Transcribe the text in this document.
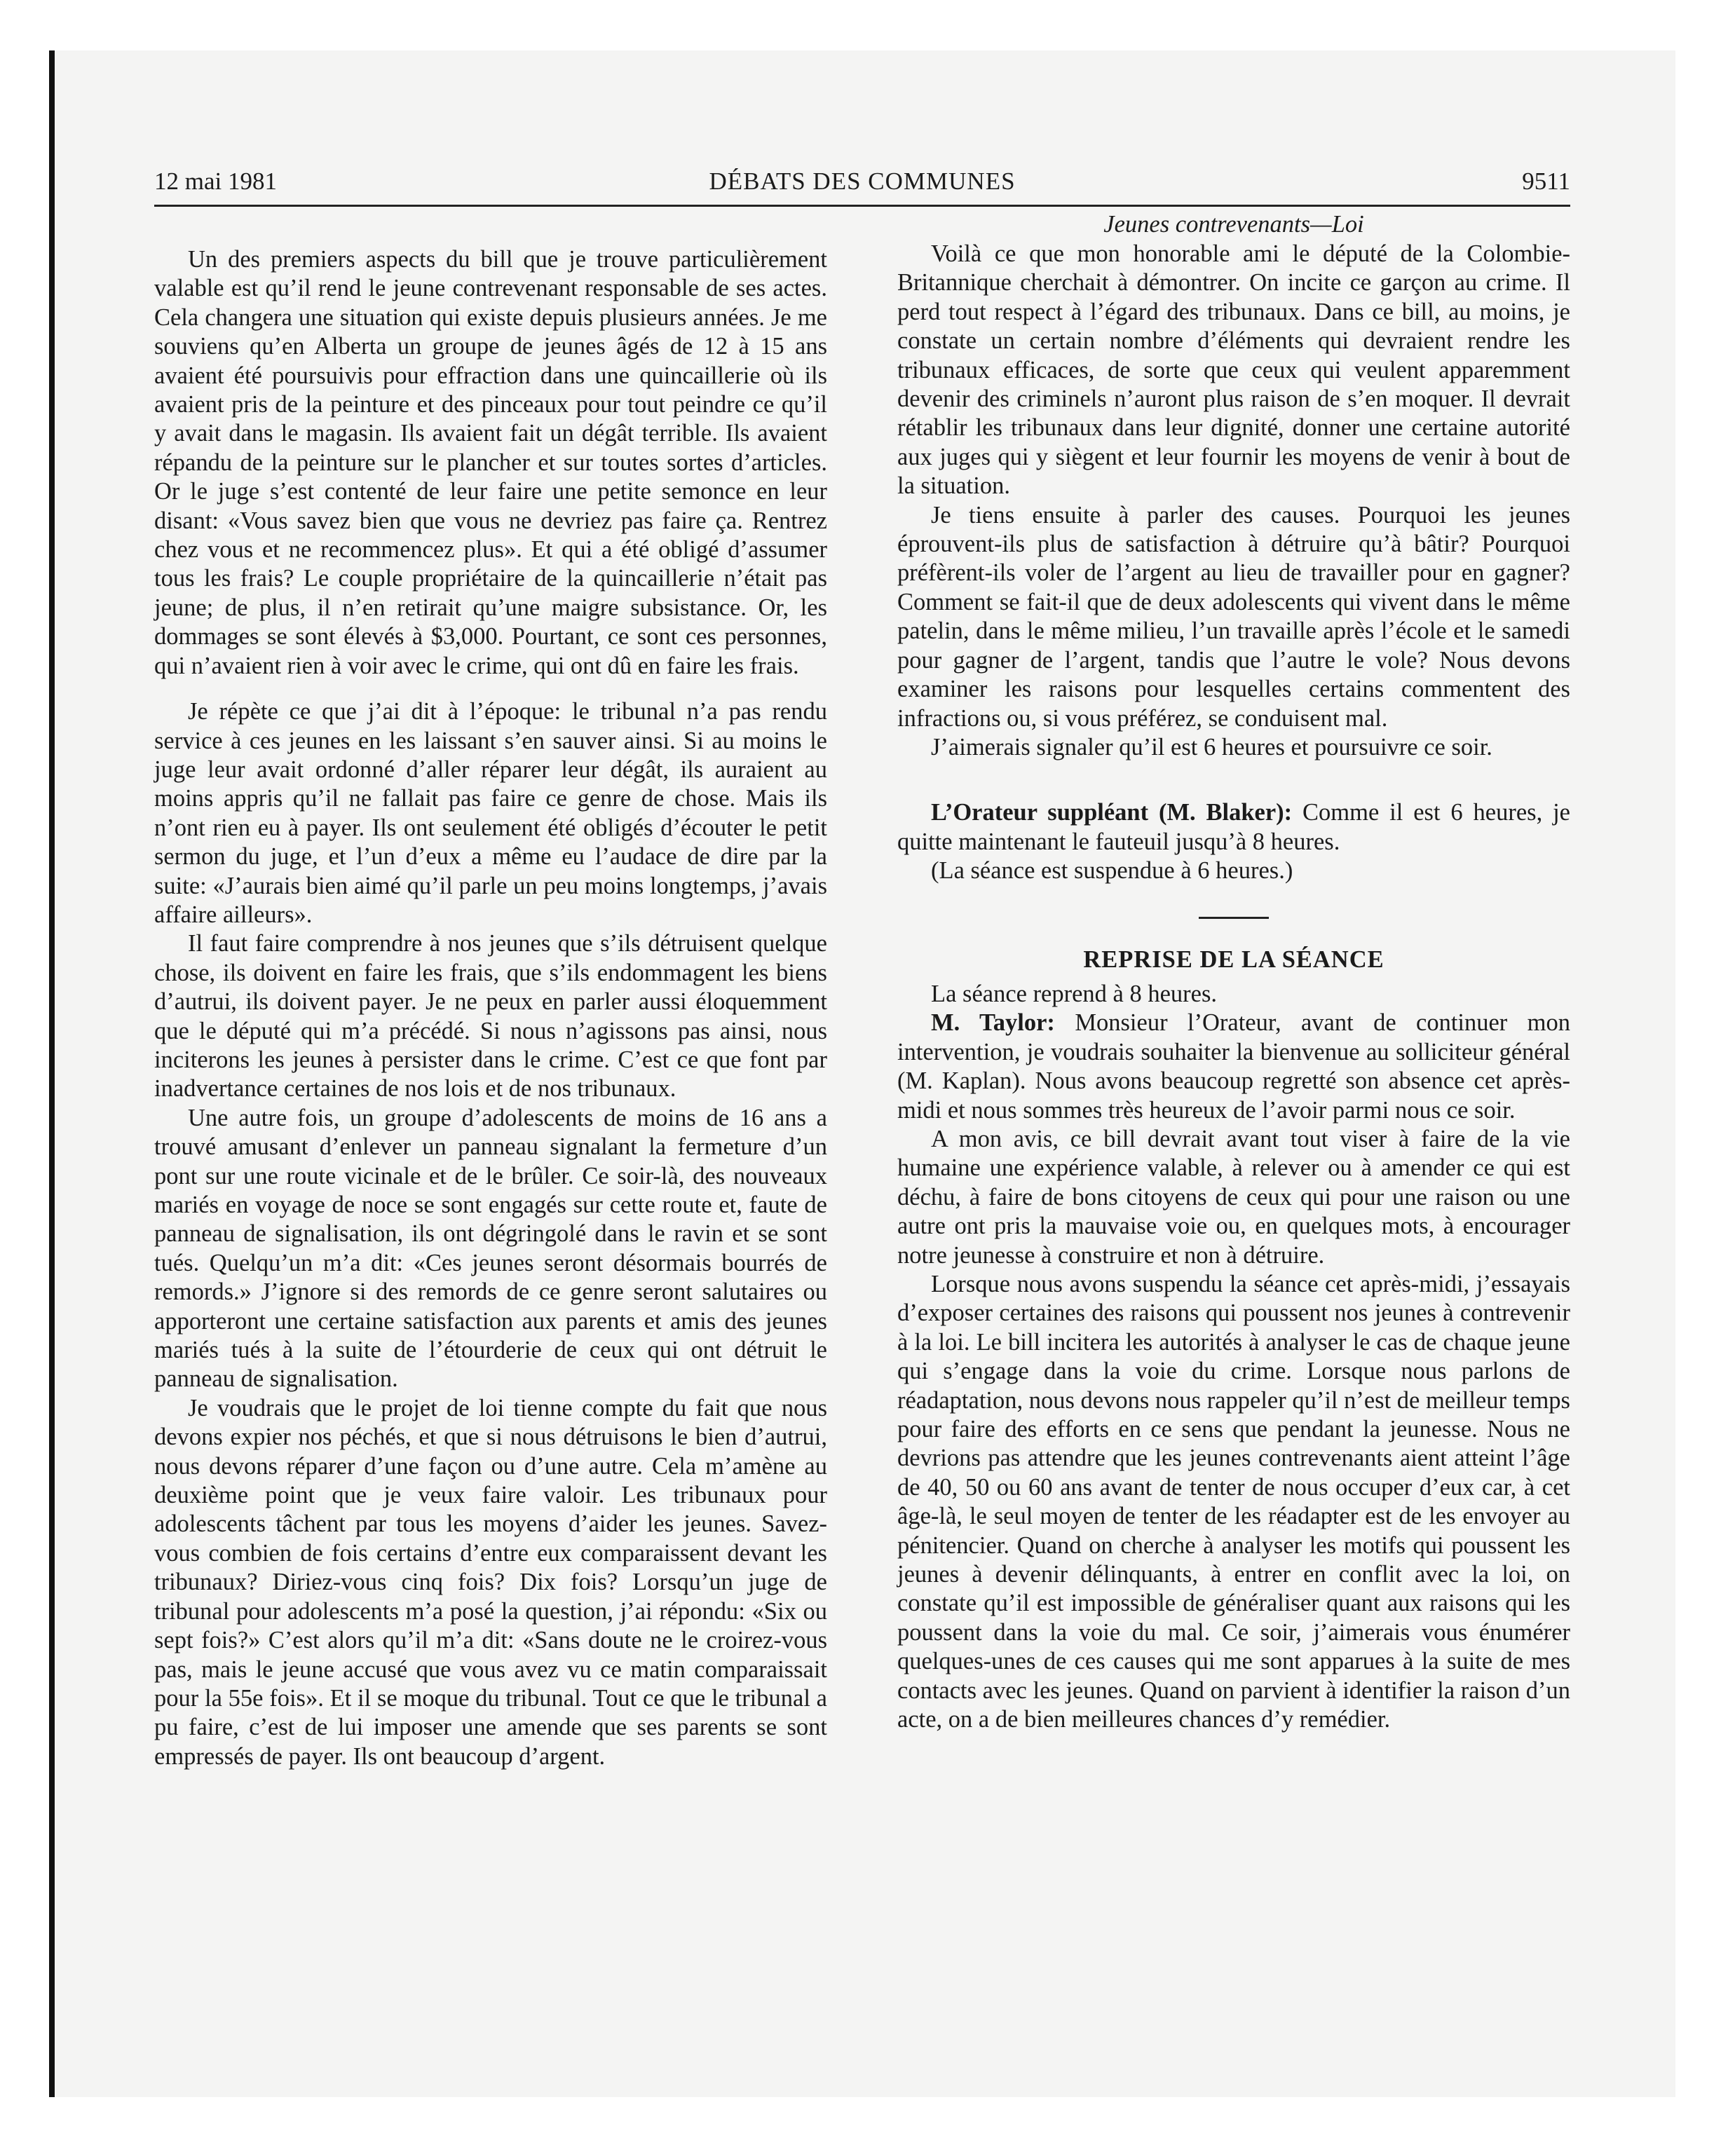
12 mai 1981	DÉBATS DES COMMUNES	9511

Un des premiers aspects du bill que je trouve particulièrement valable est qu’il rend le jeune contrevenant responsable de ses actes. Cela changera une situation qui existe depuis plusieurs années. Je me souviens qu’en Alberta un groupe de jeunes âgés de 12 à 15 ans avaient été poursuivis pour effraction dans une quincaillerie où ils avaient pris de la peinture et des pinceaux pour tout peindre ce qu’il y avait dans le magasin. Ils avaient fait un dégât terrible. Ils avaient répandu de la peinture sur le plancher et sur toutes sortes d’articles. Or le juge s’est contenté de leur faire une petite semonce en leur disant: «Vous savez bien que vous ne devriez pas faire ça. Rentrez chez vous et ne recommencez plus». Et qui a été obligé d’assumer tous les frais? Le couple propriétaire de la quincaillerie n’était pas jeune; de plus, il n’en retirait qu’une maigre subsistance. Or, les dommages se sont élevés à $3,000. Pourtant, ce sont ces personnes, qui n’avaient rien à voir avec le crime, qui ont dû en faire les frais.

Je répète ce que j’ai dit à l’époque: le tribunal n’a pas rendu service à ces jeunes en les laissant s’en sauver ainsi. Si au moins le juge leur avait ordonné d’aller réparer leur dégât, ils auraient au moins appris qu’il ne fallait pas faire ce genre de chose. Mais ils n’ont rien eu à payer. Ils ont seulement été obligés d’écouter le petit sermon du juge, et l’un d’eux a même eu l’audace de dire par la suite: «J’aurais bien aimé qu’il parle un peu moins longtemps, j’avais affaire ailleurs».

Il faut faire comprendre à nos jeunes que s’ils détruisent quelque chose, ils doivent en faire les frais, que s’ils endommagent les biens d’autrui, ils doivent payer. Je ne peux en parler aussi éloquemment que le député qui m’a précédé. Si nous n’agissons pas ainsi, nous inciterons les jeunes à persister dans le crime. C’est ce que font par inadvertance certaines de nos lois et de nos tribunaux.

Une autre fois, un groupe d’adolescents de moins de 16 ans a trouvé amusant d’enlever un panneau signalant la fermeture d’un pont sur une route vicinale et de le brûler. Ce soir-là, des nouveaux mariés en voyage de noce se sont engagés sur cette route et, faute de panneau de signalisation, ils ont dégringolé dans le ravin et se sont tués. Quelqu’un m’a dit: «Ces jeunes seront désormais bourrés de remords.» J’ignore si des remords de ce genre seront salutaires ou apporteront une certaine satisfaction aux parents et amis des jeunes mariés tués à la suite de l’étourderie de ceux qui ont détruit le panneau de signalisation.

Je voudrais que le projet de loi tienne compte du fait que nous devons expier nos péchés, et que si nous détruisons le bien d’autrui, nous devons réparer d’une façon ou d’une autre. Cela m’amène au deuxième point que je veux faire valoir. Les tribunaux pour adolescents tâchent par tous les moyens d’aider les jeunes. Savez-vous combien de fois certains d’entre eux comparaissent devant les tribunaux? Diriez-vous cinq fois? Dix fois? Lorsqu’un juge de tribunal pour adolescents m’a posé la question, j’ai répondu: «Six ou sept fois?» C’est alors qu’il m’a dit: «Sans doute ne le croirez-vous pas, mais le jeune accusé que vous avez vu ce matin comparaissait pour la 55e fois». Et il se moque du tribunal. Tout ce que le tribunal a pu faire, c’est de lui imposer une amende que ses parents se sont empressés de payer. Ils ont beaucoup d’argent.

Jeunes contrevenants—Loi

Voilà ce que mon honorable ami le député de la Colombie-Britannique cherchait à démontrer. On incite ce garçon au crime. Il perd tout respect à l’égard des tribunaux. Dans ce bill, au moins, je constate un certain nombre d’éléments qui devraient rendre les tribunaux efficaces, de sorte que ceux qui veulent apparemment devenir des criminels n’auront plus raison de s’en moquer. Il devrait rétablir les tribunaux dans leur dignité, donner une certaine autorité aux juges qui y siègent et leur fournir les moyens de venir à bout de la situation.

Je tiens ensuite à parler des causes. Pourquoi les jeunes éprouvent-ils plus de satisfaction à détruire qu’à bâtir? Pourquoi préfèrent-ils voler de l’argent au lieu de travailler pour en gagner? Comment se fait-il que de deux adolescents qui vivent dans le même patelin, dans le même milieu, l’un travaille après l’école et le samedi pour gagner de l’argent, tandis que l’autre le vole? Nous devons examiner les raisons pour lesquelles certains commentent des infractions ou, si vous préférez, se conduisent mal.

J’aimerais signaler qu’il est 6 heures et poursuivre ce soir.

L’Orateur suppléant (M. Blaker): Comme il est 6 heures, je quitte maintenant le fauteuil jusqu’à 8 heures.

(La séance est suspendue à 6 heures.)

REPRISE DE LA SÉANCE

La séance reprend à 8 heures.

M. Taylor: Monsieur l’Orateur, avant de continuer mon intervention, je voudrais souhaiter la bienvenue au solliciteur général (M. Kaplan). Nous avons beaucoup regretté son absence cet après-midi et nous sommes très heureux de l’avoir parmi nous ce soir.

A mon avis, ce bill devrait avant tout viser à faire de la vie humaine une expérience valable, à relever ou à amender ce qui est déchu, à faire de bons citoyens de ceux qui pour une raison ou une autre ont pris la mauvaise voie ou, en quelques mots, à encourager notre jeunesse à construire et non à détruire.

Lorsque nous avons suspendu la séance cet après-midi, j’essayais d’exposer certaines des raisons qui poussent nos jeunes à contrevenir à la loi. Le bill incitera les autorités à analyser le cas de chaque jeune qui s’engage dans la voie du crime. Lorsque nous parlons de réadaptation, nous devons nous rappeler qu’il n’est de meilleur temps pour faire des efforts en ce sens que pendant la jeunesse. Nous ne devrions pas attendre que les jeunes contrevenants aient atteint l’âge de 40, 50 ou 60 ans avant de tenter de nous occuper d’eux car, à cet âge-là, le seul moyen de tenter de les réadapter est de les envoyer au pénitencier. Quand on cherche à analyser les motifs qui poussent les jeunes à devenir délinquants, à entrer en conflit avec la loi, on constate qu’il est impossible de généraliser quant aux raisons qui les poussent dans la voie du mal. Ce soir, j’aimerais vous énumérer quelques-unes de ces causes qui me sont apparues à la suite de mes contacts avec les jeunes. Quand on parvient à identifier la raison d’un acte, on a de bien meilleures chances d’y remédier.
